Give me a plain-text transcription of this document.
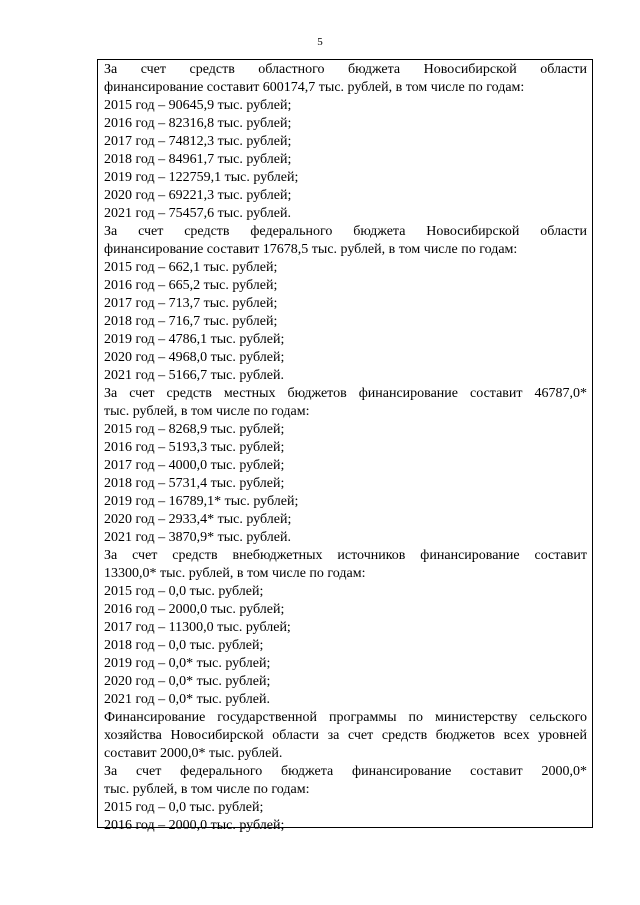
5
За счет средств областного бюджета Новосибирской области
финансирование составит 600174,7 тыс. рублей, в том числе по годам:
2015 год – 90645,9 тыс. рублей;
2016 год – 82316,8 тыс. рублей;
2017 год – 74812,3 тыс. рублей;
2018 год – 84961,7 тыс. рублей;
2019 год – 122759,1 тыс. рублей;
2020 год – 69221,3 тыс. рублей;
2021 год – 75457,6 тыс. рублей.
За счет средств федерального бюджета Новосибирской области
финансирование составит 17678,5 тыс. рублей, в том числе по годам:
2015 год – 662,1 тыс. рублей;
2016 год – 665,2 тыс. рублей;
2017 год – 713,7 тыс. рублей;
2018 год – 716,7 тыс. рублей;
2019 год – 4786,1 тыс. рублей;
2020 год – 4968,0 тыс. рублей;
2021 год – 5166,7 тыс. рублей.
За счет средств местных бюджетов финансирование составит 46787,0*
тыс. рублей, в том числе по годам:
2015 год – 8268,9 тыс. рублей;
2016 год – 5193,3 тыс. рублей;
2017 год – 4000,0 тыс. рублей;
2018 год – 5731,4 тыс. рублей;
2019 год – 16789,1* тыс. рублей;
2020 год – 2933,4* тыс. рублей;
2021 год – 3870,9* тыс. рублей.
За счет средств внебюджетных источников финансирование составит
13300,0* тыс. рублей, в том числе по годам:
2015 год – 0,0 тыс. рублей;
2016 год – 2000,0 тыс. рублей;
2017 год – 11300,0 тыс. рублей;
2018 год – 0,0 тыс. рублей;
2019 год – 0,0* тыс. рублей;
2020 год – 0,0* тыс. рублей;
2021 год – 0,0* тыс. рублей.
Финансирование государственной программы по министерству сельского
хозяйства Новосибирской области за счет средств бюджетов всех уровней
составит 2000,0* тыс. рублей.
За счет федерального бюджета финансирование составит 2000,0*
тыс. рублей, в том числе по годам:
2015 год – 0,0 тыс. рублей;
2016 год – 2000,0 тыс. рублей;
